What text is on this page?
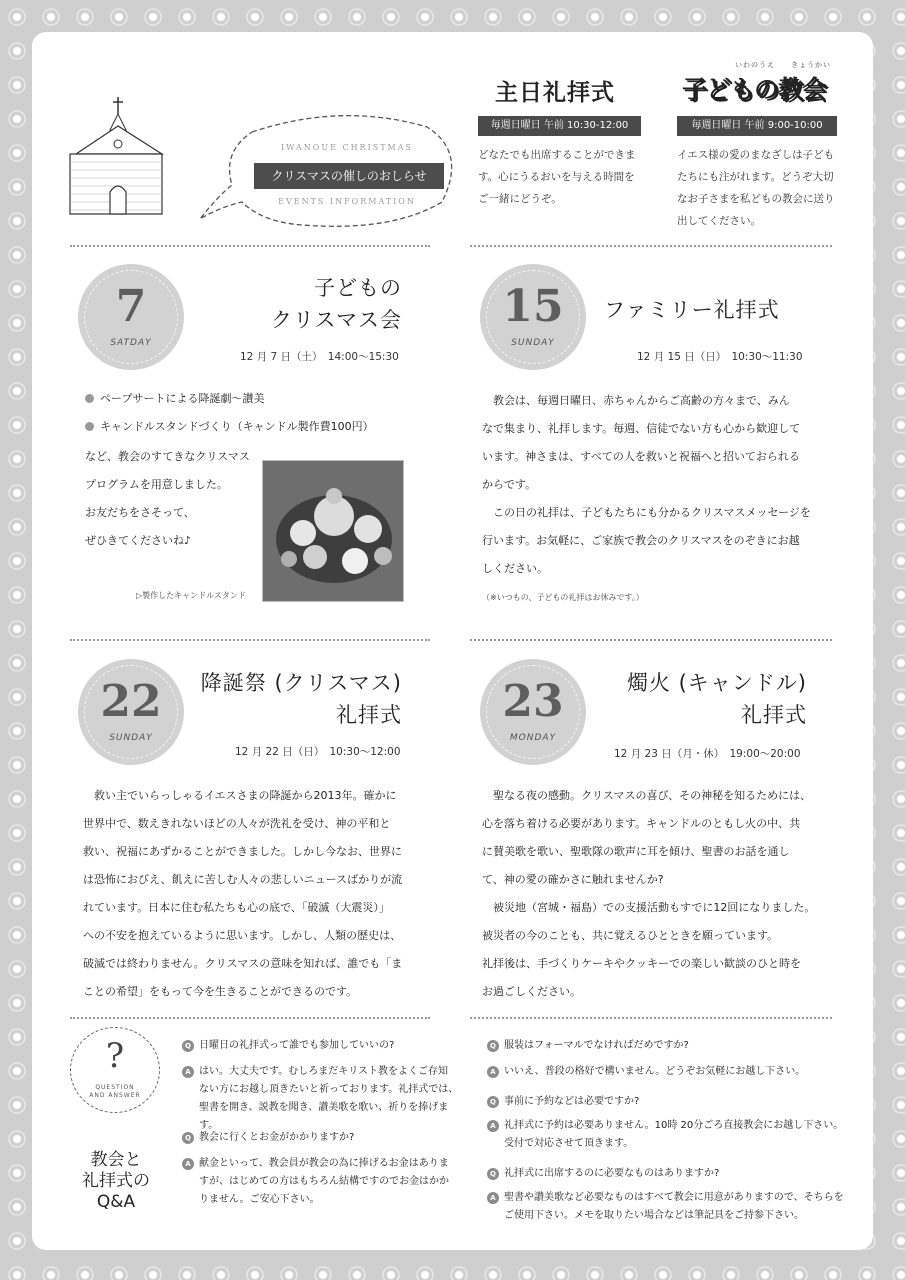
IWANOUE CHRISTMAS
クリスマスの催しのおしらせ
EVENTS INFORMATION
主日礼拝式
毎週日曜日 午前 10:30-12:00
どなたでも出席することができま
す。心にうるおいを与える時間を
ご一緒にどうぞ。
いわのうえ　　きょうかい
子どもの教会
毎週日曜日 午前 9:00-10:00
イエス様の愛のまなざしは子ども
たちにも注がれます。どうぞ大切
なお子さまを私どもの教会に送り
出してください。
7
SATDAY
子どもの
クリスマス会
12 月 7 日（土）　14:00〜15:30
ペープサートによる降誕劇〜讃美
キャンドルスタンドづくり（キャンドル製作費100円）
など、教会のすてきなクリスマス
プログラムを用意しました。
お友だちをさそって、
ぜひきてくださいね♪
▷製作したキャンドルスタンド
15
SUNDAY
ファミリー礼拝式
12 月 15 日（日）　10:30〜11:30
　教会は、毎週日曜日、赤ちゃんからご高齢の方々まで、みん
なで集まり、礼拝します。毎週、信徒でない方も心から歓迎して
います。神さまは、すべての人を救いと祝福へと招いておられる
からです。
　この日の礼拝は、子どもたちにも分かるクリスマスメッセージを
行います。お気軽に、ご家族で教会のクリスマスをのぞきにお越
しください。
（※いつもの、子どもの礼拝はお休みです。）
22
SUNDAY
降誕祭 (クリスマス)
礼拝式
12 月 22 日（日）　10:30〜12:00
　救い主でいらっしゃるイエスさまの降誕から2013年。確かに
世界中で、数えきれないほどの人々が洗礼を受け、神の平和と
救い、祝福にあずかることができました。しかし今なお、世界に
は恐怖におびえ、飢えに苦しむ人々の悲しいニュースばかりが流
れています。日本に住む私たちも心の底で、「破滅（大震災）」
への不安を抱えているように思います。しかし、人類の歴史は、
破滅では終わりません。クリスマスの意味を知れば、誰でも「ま
ことの希望」をもって今を生きることができるのです。
23
MONDAY
燭火 (キャンドル)
礼拝式
12 月 23 日（月・休）　19:00〜20:00
　聖なる夜の感動。クリスマスの喜び、その神秘を知るためには、
心を落ち着ける必要があります。キャンドルのともし火の中、共
に賛美歌を歌い、聖歌隊の歌声に耳を傾け、聖書のお話を通し
て、神の愛の確かさに触れませんか?
　被災地（宮城・福島）での支援活動もすでに12回になりました。
被災者の今のことも、共に覚えるひとときを願っています。
礼拝後は、手づくりケーキやクッキーでの楽しい歓談のひと時を
お過ごしください。
?
QUESTION
AND ANSWER
教会と
礼拝式の
Q&A
Q 日曜日の礼拝式って誰でも参加していいの?
A はい。大丈夫です。むしろまだキリスト教をよくご存知
ない方にお越し頂きたいと祈っております。礼拝式では、
聖書を開き、説教を聞き、讃美歌を歌い、祈りを捧げます。
Q 教会に行くとお金がかかりますか?
A 献金といって、教会員が教会の為に捧げるお金はありま
すが、はじめての方はもちろん結構ですのでお金はかか
りません。ご安心下さい。
Q 服装はフォーマルでなければだめですか?
A いいえ、普段の格好で構いません。どうぞお気軽にお越し下さい。
Q 事前に予約などは必要ですか?
A 礼拝式に予約は必要ありません。10時 20分ごろ直接教会にお越し下さい。
受付で対応させて頂きます。
Q 礼拝式に出席するのに必要なものはありますか?
A 聖書や讃美歌など必要なものはすべて教会に用意がありますので、そちらを
ご使用下さい。メモを取りたい場合などは筆記具をご持参下さい。
